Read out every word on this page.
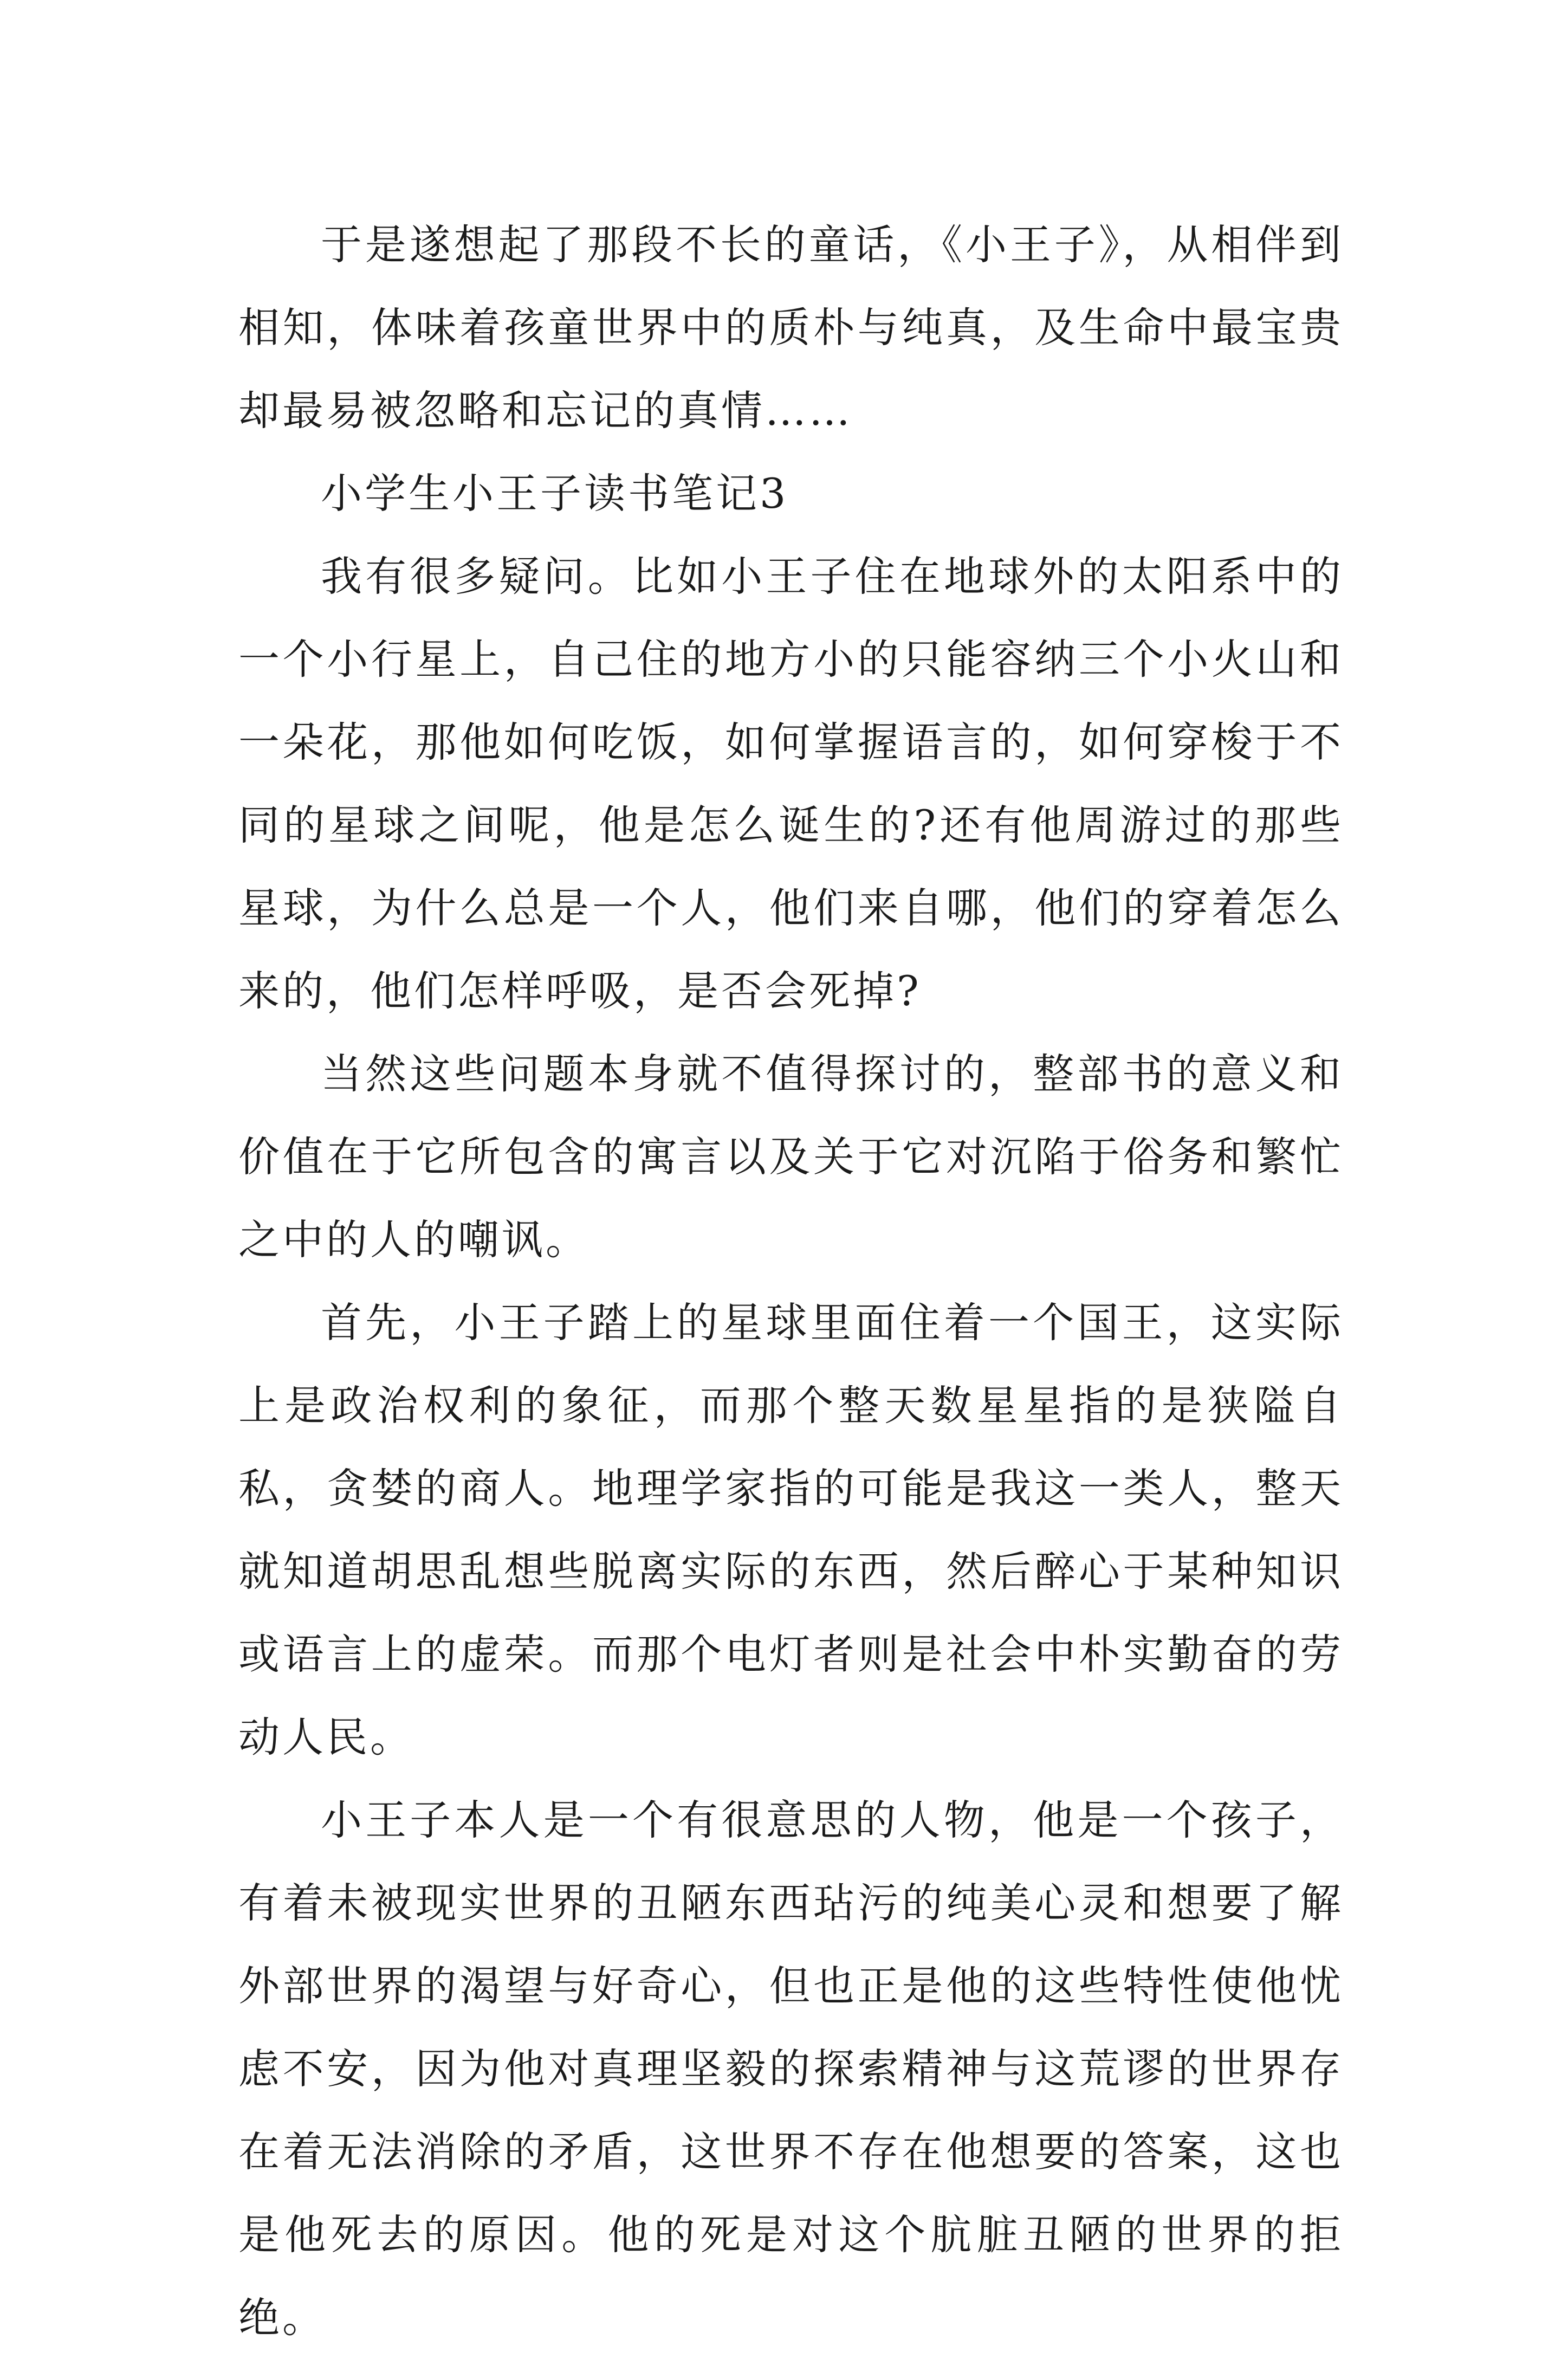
于是遂想起了那段不长的童话，《小王子》，从相伴到相知，体味着孩童世界中的质朴与纯真，及生命中最宝贵却最易被忽略和忘记的真情……

小学生小王子读书笔记3

我有很多疑问。比如小王子住在地球外的太阳系中的一个小行星上，自己住的地方小的只能容纳三个小火山和一朵花，那他如何吃饭，如何掌握语言的，如何穿梭于不同的星球之间呢，他是怎么诞生的?还有他周游过的那些星球，为什么总是一个人，他们来自哪，他们的穿着怎么来的，他们怎样呼吸，是否会死掉?

当然这些问题本身就不值得探讨的，整部书的意义和价值在于它所包含的寓言以及关于它对沉陷于俗务和繁忙之中的人的嘲讽。

首先，小王子踏上的星球里面住着一个国王，这实际上是政治权利的象征，而那个整天数星星指的是狭隘自私，贪婪的商人。地理学家指的可能是我这一类人，整天就知道胡思乱想些脱离实际的东西，然后醉心于某种知识或语言上的虚荣。而那个电灯者则是社会中朴实勤奋的劳动人民。

小王子本人是一个有很意思的人物，他是一个孩子，有着未被现实世界的丑陋东西玷污的纯美心灵和想要了解外部世界的渴望与好奇心，但也正是他的这些特性使他忧虑不安，因为他对真理坚毅的探索精神与这荒谬的世界存在着无法消除的矛盾，这世界不存在他想要的答案，这也是他死去的原因。他的死是对这个肮脏丑陋的世界的拒绝。
